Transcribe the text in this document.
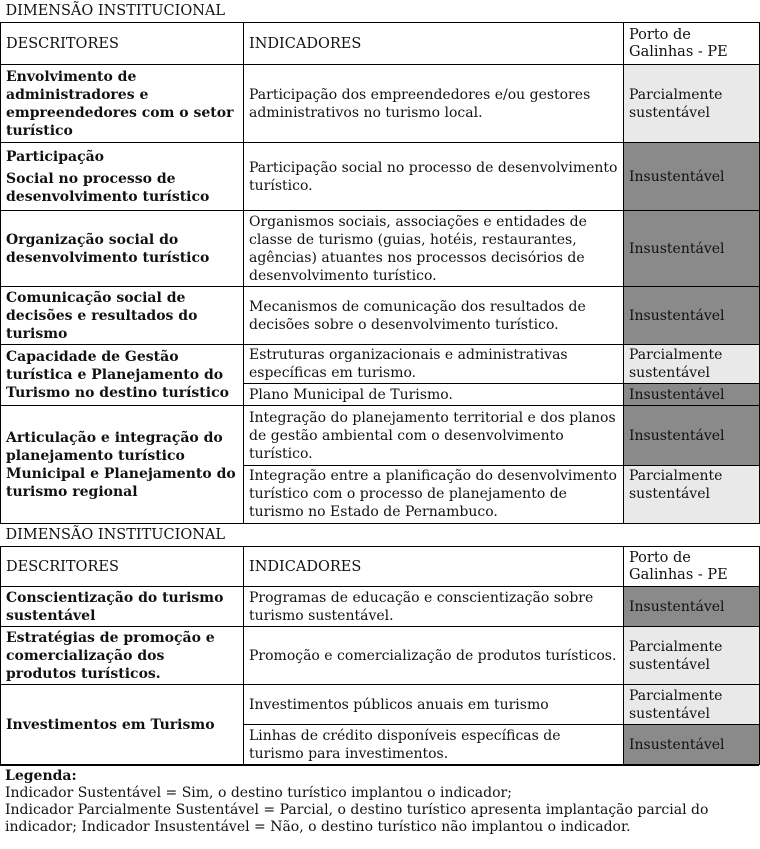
DIMENSÃO INSTITUCIONAL		
DESCRITORES	INDICADORES	Porto de Galinhas - PE
Envolvimento de administradores e empreendedores com o setor turístico	Participação dos empreendedores e/ou gestores administrativos no turismo local.	Parcialmente sustentável

Participação
Social no processo de desenvolvimento turístico	Participação social no processo de desenvolvimento turístico.	Insustentável
Organização social do desenvolvimento turístico	Organismos sociais, associações e entidades de classe de turismo (guias, hotéis, restaurantes, agências) atuantes nos processos decisórios de desenvolvimento turístico.	Insustentável
Comunicação social de decisões e resultados do turismo	Mecanismos de comunicação dos resultados de decisões sobre o desenvolvimento turístico.	Insustentável
Capacidade de Gestão turística e Planejamento do Turismo no destino turístico	Estruturas organizacionais e administrativas específicas em turismo.	Parcialmente sustentável
	Plano Municipal de Turismo.	Insustentável
Articulação e integração do planejamento turístico Municipal e Planejamento do turismo regional	Integração do planejamento territorial e dos planos de gestão ambiental com o desenvolvimento turístico.	Insustentável
	Integração entre a planificação do desenvolvimento turístico com o processo de planejamento de turismo no Estado de Pernambuco.	Parcialmente sustentável
DIMENSÃO INSTITUCIONAL		
DESCRITORES	INDICADORES	Porto de Galinhas - PE
Conscientização do turismo sustentável	Programas de educação e conscientização sobre turismo sustentável.	Insustentável
Estratégias de promoção e comercialização dos produtos turísticos.	Promoção e comercialização de produtos turísticos.	Parcialmente sustentável
Investimentos em Turismo	Investimentos públicos anuais em turismo	Parcialmente sustentável
	Linhas de crédito disponíveis específicas de turismo para investimentos.	Insustentável
Legenda:
Indicador Sustentável = Sim, o destino turístico implantou o indicador;
Indicador Parcialmente Sustentável = Parcial, o destino turístico apresenta implantação parcial do
indicador; Indicador Insustentável = Não, o destino turístico não implantou o indicador.
